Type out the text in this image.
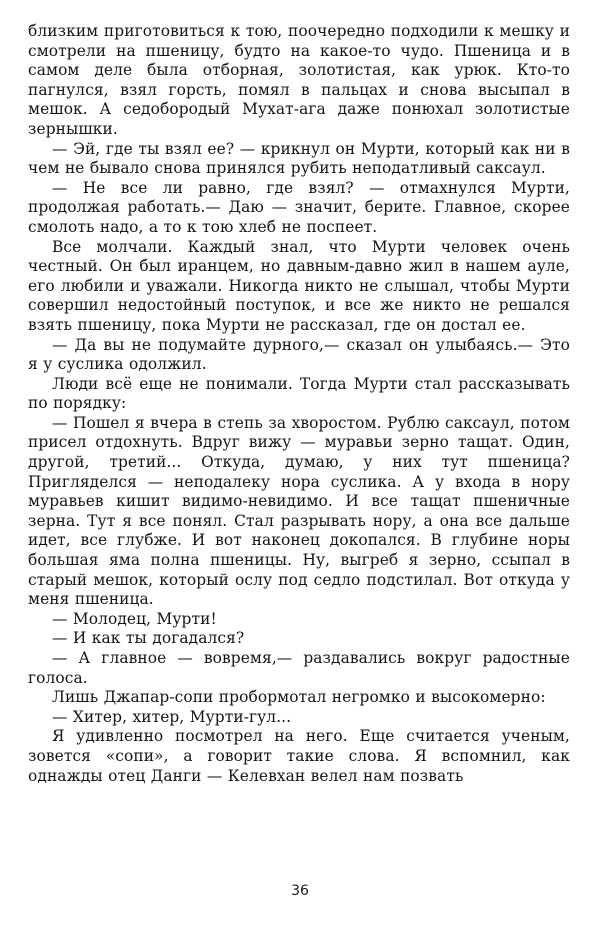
близким приготовиться к тою, поочередно подходили к мешку и смотрели на пшеницу, будто на какое-то чудо. Пшеница и в самом деле была отборная, золотистая, как урюк. Кто-то пагнулся, взял горсть, помял в пальцах и снова высыпал в мешок. А седобородый Мухат-ага даже понюхал золотистые зернышки.

— Эй, где ты взял ее? — крикнул он Мурти, который как ни в чем не бывало снова принялся рубить неподатливый саксаул.

— Не все ли равно, где взял? — отмахнулся Мурти, продолжая работать.— Даю — значит, берите. Главное, скорее смолоть надо, а то к тою хлеб не поспеет.

Все молчали. Каждый знал, что Мурти человек очень честный. Он был иранцем, но давным-давно жил в нашем ауле, его любили и уважали. Никогда никто не слышал, чтобы Мурти совершил недостойный поступок, и все же никто не решался взять пшеницу, пока Мурти не рассказал, где он достал ее.

— Да вы не подумайте дурного,— сказал он улыбаясь.— Это я у суслика одолжил.

Люди всё еще не понимали. Тогда Мурти стал рассказывать по порядку:

— Пошел я вчера в степь за хворостом. Рублю саксаул, потом присел отдохнуть. Вдруг вижу — муравьи зерно тащат. Один, другой, третий... Откуда, думаю, у них тут пшеница? Пригляделся — неподалеку нора суслика. А у входа в нору муравьев кишит видимо-невидимо. И все тащат пшеничные зерна. Тут я все понял. Стал разрывать нору, а она все дальше идет, все глубже. И вот наконец докопался. В глубине норы большая яма полна пшеницы. Ну, выгреб я зерно, ссыпал в старый мешок, который ослу под седло подстилал. Вот откуда у меня пшеница.

— Молодец, Мурти!

— И как ты догадался?

— А главное — вовремя,— раздавались вокруг радостные голоса.

Лишь Джапар-сопи пробормотал негромко и высокомерно:

— Хитер, хитер, Мурти-гул...

Я удивленно посмотрел на него. Еще считается ученым, зовется «сопи», а говорит такие слова. Я вспомнил, как однажды отец Данги — Келевхан велел нам позвать

36
